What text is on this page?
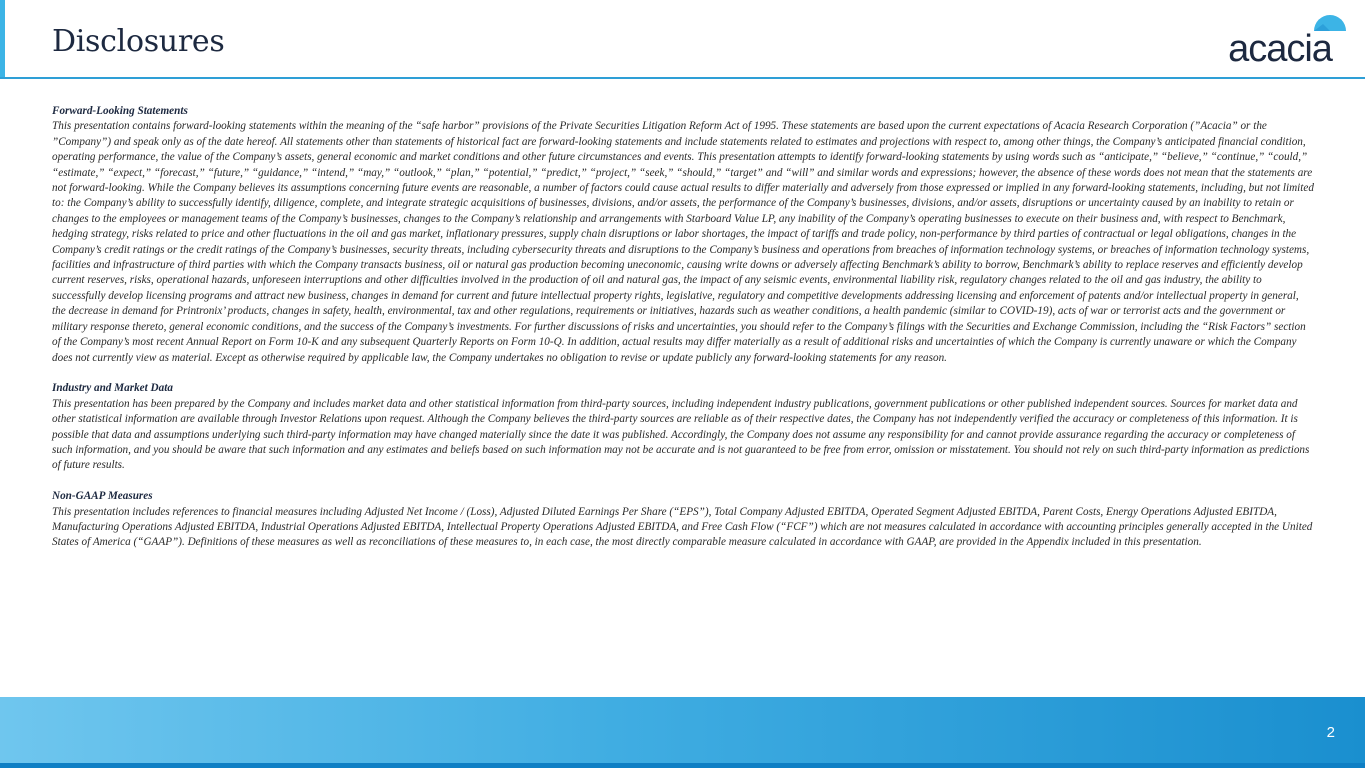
Disclosures	acacia
Forward-Looking Statements

This presentation contains forward-looking statements within the meaning of the “safe harbor” provisions of the Private Securities Litigation Reform Act of 1995. These statements are based upon the current expectations of Acacia Research Corporation (”Acacia” or the ”Company”) and speak only as of the date hereof. All statements other than statements of historical fact are forward-looking statements and include statements related to estimates and projections with respect to, among other things, the Company’s anticipated financial condition, operating performance, the value of the Company’s assets, general economic and market conditions and other future circumstances and events. This presentation attempts to identify forward-looking statements by using words such as “anticipate,” “believe,” “continue,” “could,” “estimate,” “expect,” “forecast,” “future,” “guidance,” “intend,” “may,” “outlook,” “plan,” “potential,” “predict,” “project,” “seek,” “should,” “target” and “will” and similar words and expressions; however, the absence of these words does not mean that the statements are not forward-looking. While the Company believes its assumptions concerning future events are reasonable, a number of factors could cause actual results to differ materially and adversely from those expressed or implied in any forward-looking statements, including, but not limited to: the Company’s ability to successfully identify, diligence, complete, and integrate strategic acquisitions of businesses, divisions, and/or assets, the performance of the Company’s businesses, divisions, and/or assets, disruptions or uncertainty caused by an inability to retain or changes to the employees or management teams of the Company’s businesses, changes to the Company’s relationship and arrangements with Starboard Value LP, any inability of the Company’s operating businesses to execute on their business and, with respect to Benchmark, hedging strategy, risks related to price and other fluctuations in the oil and gas market, inflationary pressures, supply chain disruptions or labor shortages, the impact of tariffs and trade policy, non-performance by third parties of contractual or legal obligations, changes in the Company’s credit ratings or the credit ratings of the Company’s businesses, security threats, including cybersecurity threats and disruptions to the Company’s business and operations from breaches of information technology systems, or breaches of information technology systems, facilities and infrastructure of third parties with which the Company transacts business, oil or natural gas production becoming uneconomic, causing write downs or adversely affecting Benchmark’s ability to borrow, Benchmark’s ability to replace reserves and efficiently develop current reserves, risks, operational hazards, unforeseen interruptions and other difficulties involved in the production of oil and natural gas, the impact of any seismic events, environmental liability risk, regulatory changes related to the oil and gas industry, the ability to successfully develop licensing programs and attract new business, changes in demand for current and future intellectual property rights, legislative, regulatory and competitive developments addressing licensing and enforcement of patents and/or intellectual property in general, the decrease in demand for Printronix’ products, changes in safety, health, environmental, tax and other regulations, requirements or initiatives, hazards such as weather conditions, a health pandemic (similar to COVID-19), acts of war or terrorist acts and the government or military response thereto, general economic conditions, and the success of the Company’s investments. For further discussions of risks and uncertainties, you should refer to the Company’s filings with the Securities and Exchange Commission, including the “Risk Factors” section of the Company’s most recent Annual Report on Form 10-K and any subsequent Quarterly Reports on Form 10-Q. In addition, actual results may differ materially as a result of additional risks and uncertainties of which the Company is currently unaware or which the Company does not currently view as material. Except as otherwise required by applicable law, the Company undertakes no obligation to revise or update publicly any forward-looking statements for any reason.

Industry and Market Data

This presentation has been prepared by the Company and includes market data and other statistical information from third-party sources, including independent industry publications, government publications or other published independent sources. Sources for market data and other statistical information are available through Investor Relations upon request. Although the Company believes the third-party sources are reliable as of their respective dates, the Company has not independently verified the accuracy or completeness of this information. It is possible that data and assumptions underlying such third-party information may have changed materially since the date it was published. Accordingly, the Company does not assume any responsibility for and cannot provide assurance regarding the accuracy or completeness of such information, and you should be aware that such information and any estimates and beliefs based on such information may not be accurate and is not guaranteed to be free from error, omission or misstatement. You should not rely on such third-party information as predictions of future results.

Non-GAAP Measures

This presentation includes references to financial measures including Adjusted Net Income / (Loss), Adjusted Diluted Earnings Per Share (“EPS”), Total Company Adjusted EBITDA, Operated Segment Adjusted EBITDA, Parent Costs, Energy Operations Adjusted EBITDA, Manufacturing Operations Adjusted EBITDA, Industrial Operations Adjusted EBITDA, Intellectual Property Operations Adjusted EBITDA, and Free Cash Flow (“FCF”) which are not measures calculated in accordance with accounting principles generally accepted in the United States of America (“GAAP”). Definitions of these measures as well as reconciliations of these measures to, in each case, the most directly comparable measure calculated in accordance with GAAP, are provided in the Appendix included in this presentation.

2
